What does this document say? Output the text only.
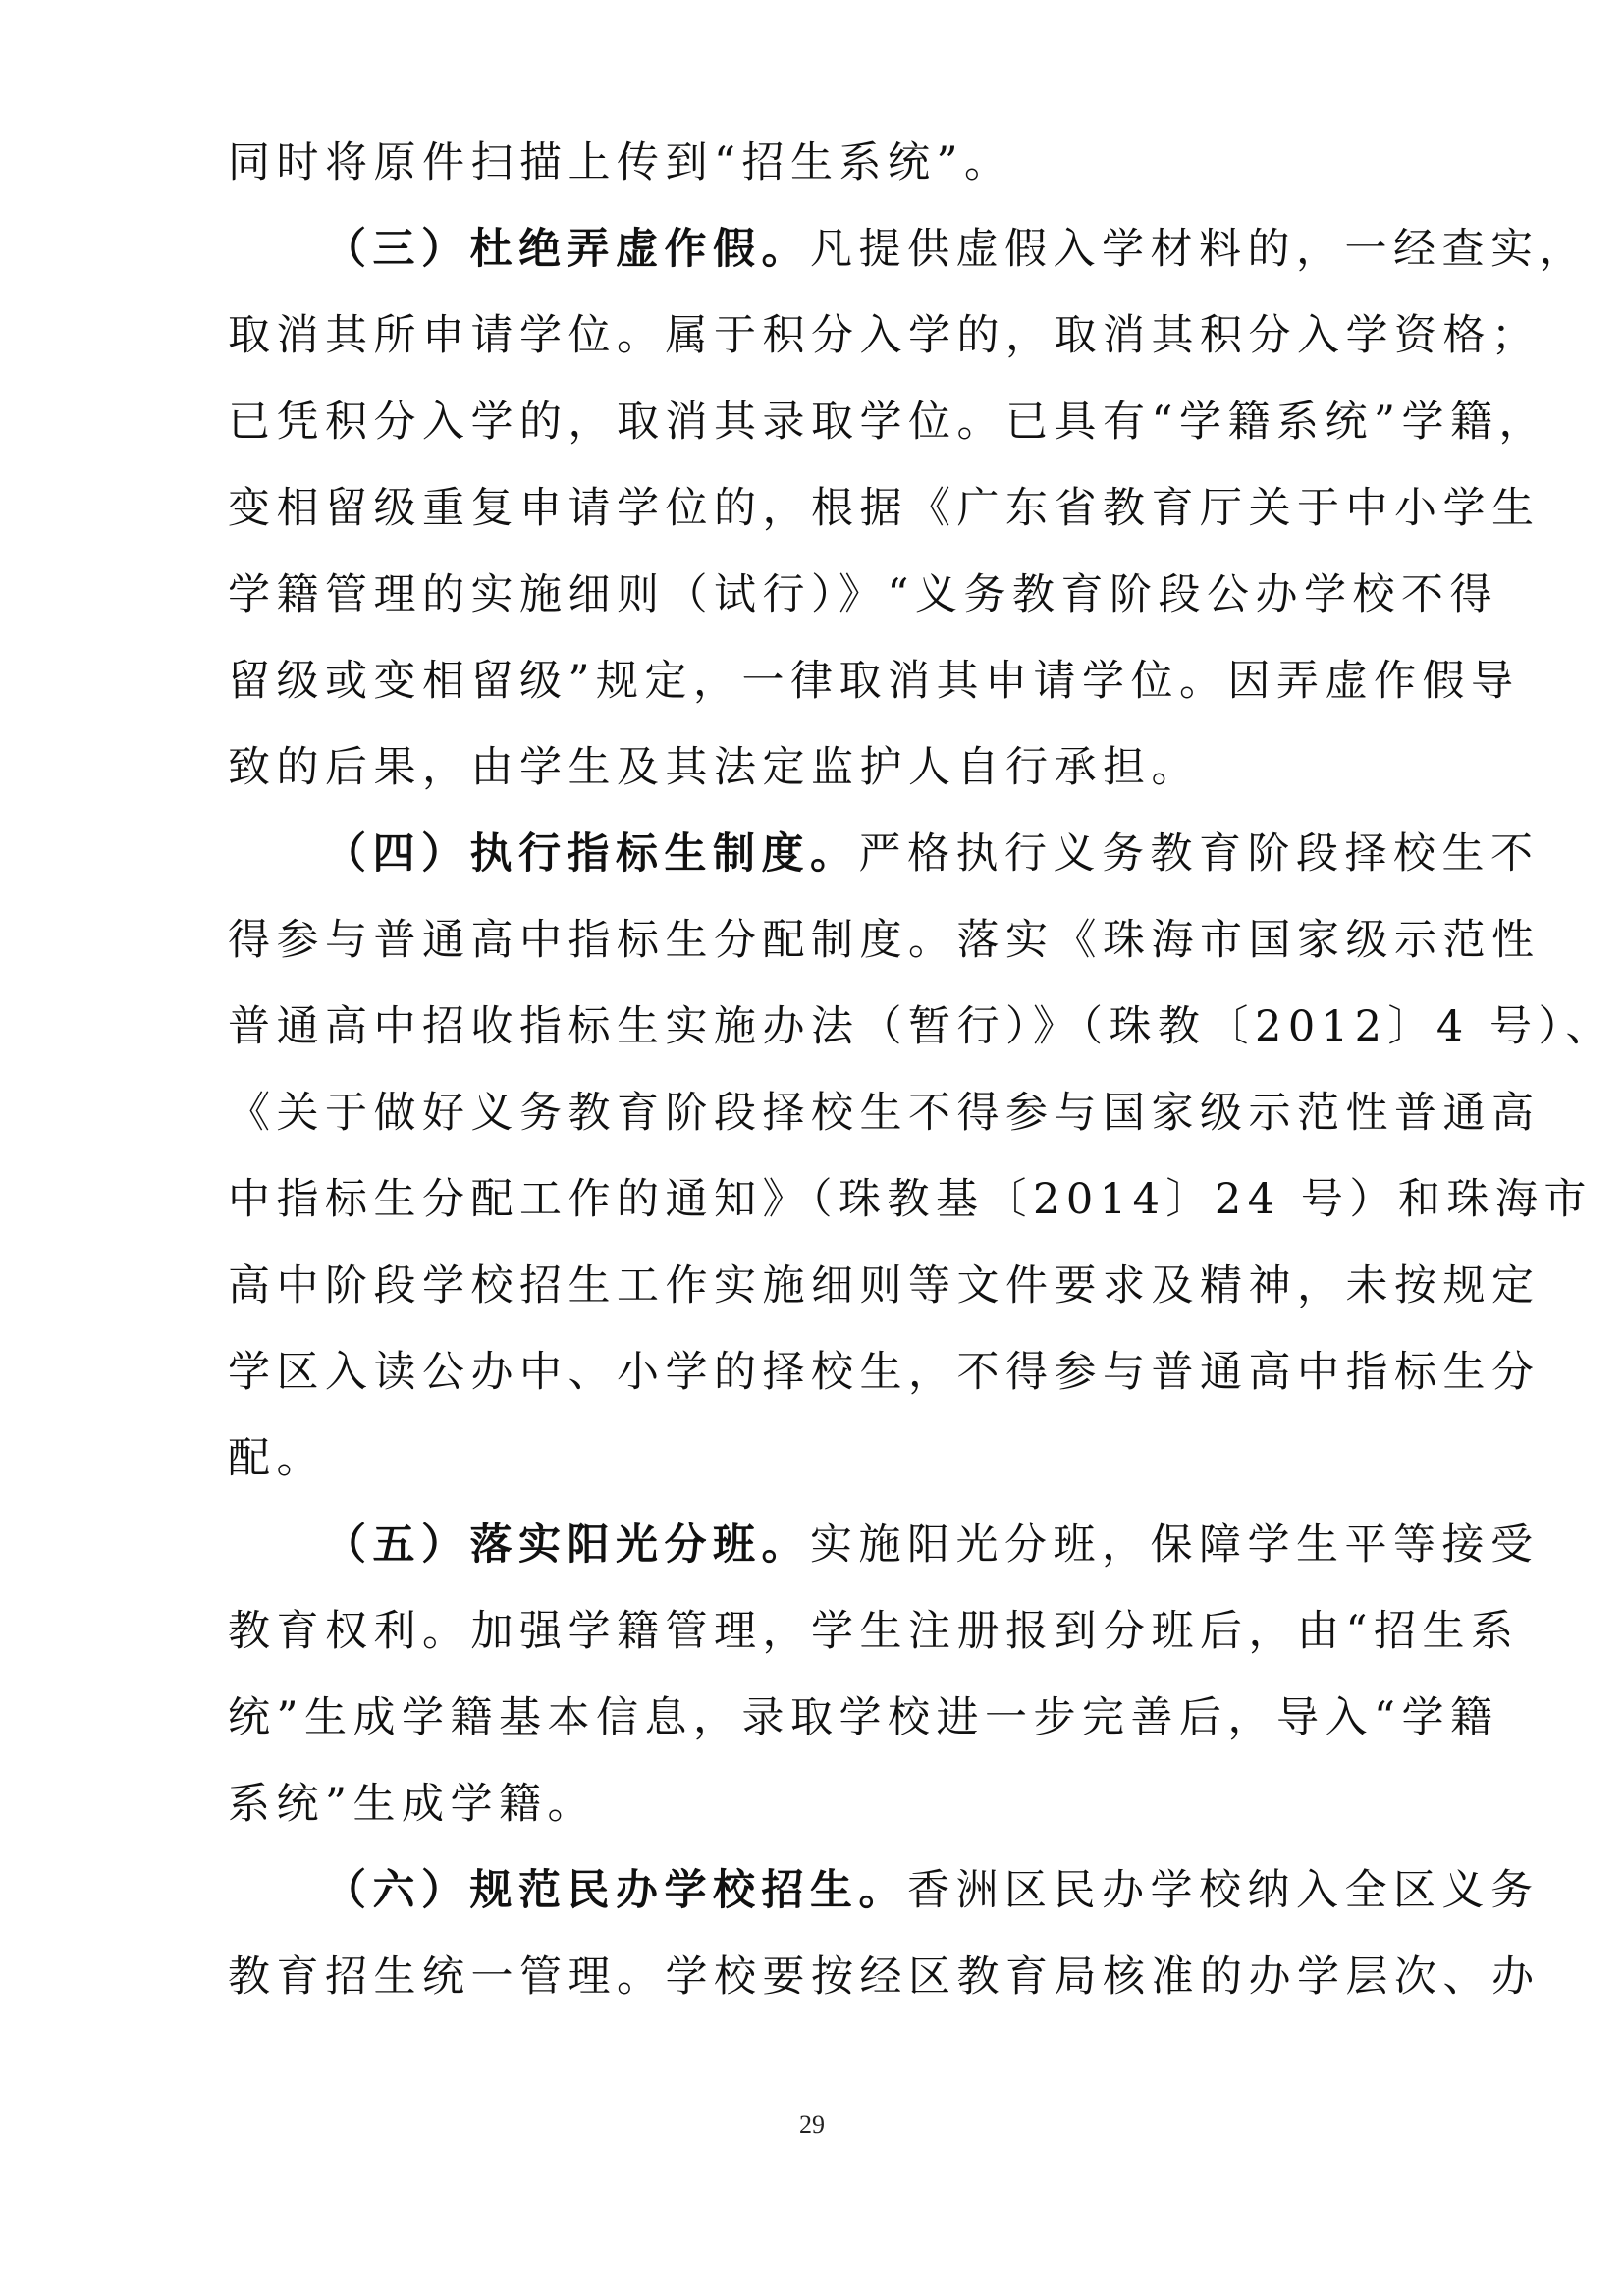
同时将原件扫描上传到“招生系统”。
（三）杜绝弄虚作假。凡提供虚假入学材料的，一经查实，
取消其所申请学位。属于积分入学的，取消其积分入学资格；
已凭积分入学的，取消其录取学位。已具有“学籍系统”学籍，
变相留级重复申请学位的，根据《广东省教育厅关于中小学生
学籍管理的实施细则（试行）》“义务教育阶段公办学校不得
留级或变相留级”规定，一律取消其申请学位。因弄虚作假导
致的后果，由学生及其法定监护人自行承担。
（四）执行指标生制度。严格执行义务教育阶段择校生不
得参与普通高中指标生分配制度。落实《珠海市国家级示范性
普通高中招收指标生实施办法（暂行）》（珠教〔2012〕4 号）、
《关于做好义务教育阶段择校生不得参与国家级示范性普通高
中指标生分配工作的通知》（珠教基〔2014〕24 号）和珠海市
高中阶段学校招生工作实施细则等文件要求及精神，未按规定
学区入读公办中、小学的择校生，不得参与普通高中指标生分
配。
（五）落实阳光分班。实施阳光分班，保障学生平等接受
教育权利。加强学籍管理，学生注册报到分班后，由“招生系
统”生成学籍基本信息，录取学校进一步完善后，导入“学籍
系统”生成学籍。
（六）规范民办学校招生。香洲区民办学校纳入全区义务
教育招生统一管理。学校要按经区教育局核准的办学层次、办
29
